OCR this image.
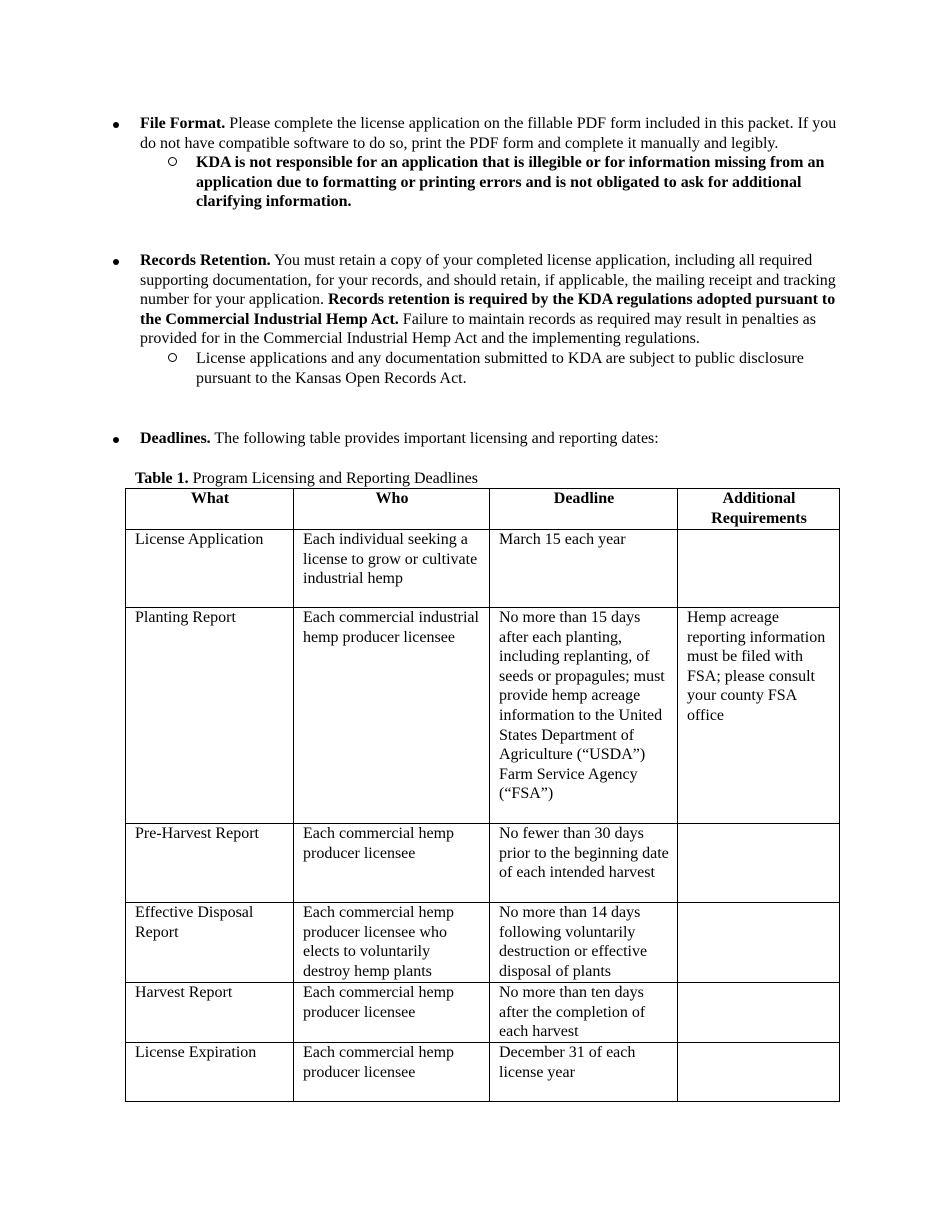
File Format. Please complete the license application on the fillable PDF form included in this packet. If you do not have compatible software to do so, print the PDF form and complete it manually and legibly.

KDA is not responsible for an application that is illegible or for information missing from an application due to formatting or printing errors and is not obligated to ask for additional clarifying information.

Records Retention. You must retain a copy of your completed license application, including all required supporting documentation, for your records, and should retain, if applicable, the mailing receipt and tracking number for your application. Records retention is required by the KDA regulations adopted pursuant to the Commercial Industrial Hemp Act. Failure to maintain records as required may result in penalties as provided for in the Commercial Industrial Hemp Act and the implementing regulations.

License applications and any documentation submitted to KDA are subject to public disclosure pursuant to the Kansas Open Records Act.

Deadlines. The following table provides important licensing and reporting dates:

Table 1. Program Licensing and Reporting Deadlines
What	Who	Deadline	Additional Requirements
License Application	Each individual seeking a license to grow or cultivate industrial hemp	March 15 each year	
Planting Report	Each commercial industrial hemp producer licensee	No more than 15 days after each planting, including replanting, of seeds or propagules; must provide hemp acreage information to the United States Department of Agriculture (“USDA”) Farm Service Agency (“FSA”)	Hemp acreage reporting information must be filed with FSA; please consult your county FSA office
Pre-Harvest Report	Each commercial hemp producer licensee	No fewer than 30 days prior to the beginning date of each intended harvest	
Effective Disposal Report	Each commercial hemp producer licensee who elects to voluntarily destroy hemp plants	No more than 14 days following voluntarily destruction or effective disposal of plants	
Harvest Report	Each commercial hemp producer licensee	No more than ten days after the completion of each harvest	
License Expiration	Each commercial hemp producer licensee	December 31 of each license year	
